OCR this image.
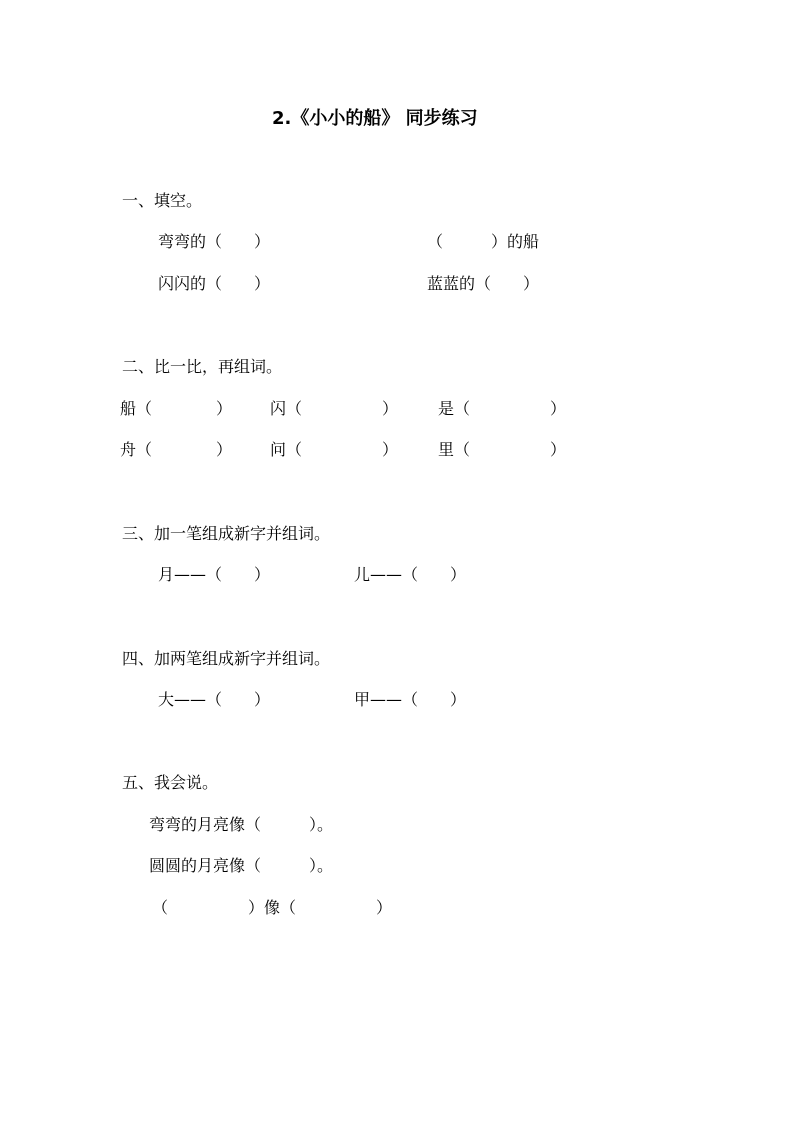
2.《小小的船》 同步练习

一、填空。

弯弯的（　　）	（　　　）的船

闪闪的（　　）	蓝蓝的（　　）

二、比一比，再组词。

船（　　　　） 闪（　　　　　） 是（　　　　　）

舟（　　　　） 问（　　　　　） 里（　　　　　）

三、加一笔组成新字并组词。

月——（　　）	儿——（　　）

四、加两笔组成新字并组词。

大——（　　）	甲——（　　）

五、我会说。

弯弯的月亮像（　　　）。

圆圆的月亮像（　　　）。

（　　　　　）像（　　　　　）
